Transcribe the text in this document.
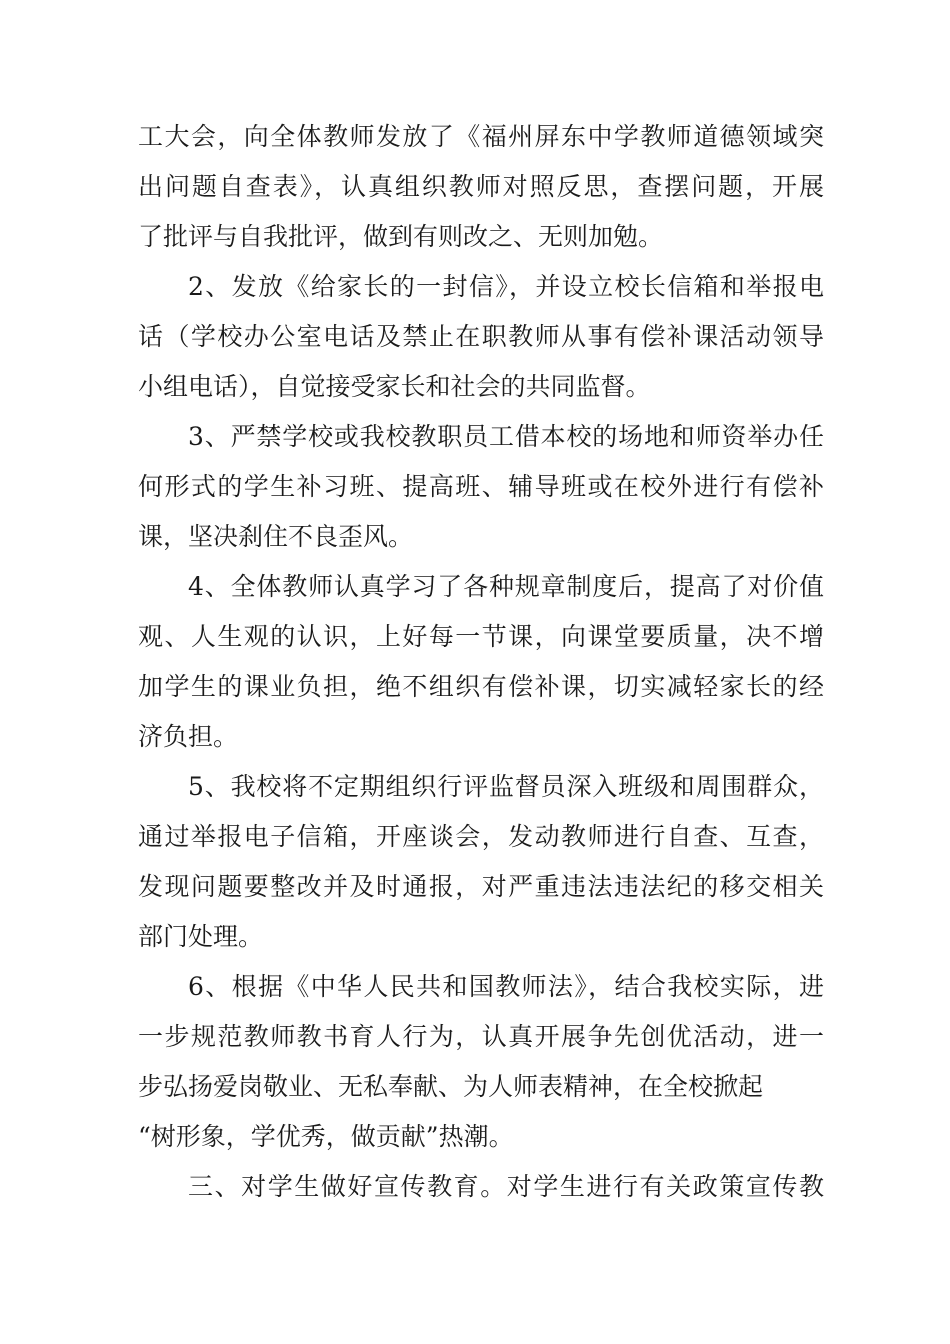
工大会，向全体教师发放了《福州屏东中学教师道德领域突
出问题自查表》，认真组织教师对照反思，查摆问题，开展
了批评与自我批评，做到有则改之、无则加勉。
2、发放《给家长的一封信》，并设立校长信箱和举报电
话（学校办公室电话及禁止在职教师从事有偿补课活动领导
小组电话），自觉接受家长和社会的共同监督。
3、严禁学校或我校教职员工借本校的场地和师资举办任
何形式的学生补习班、提高班、辅导班或在校外进行有偿补
课，坚决刹住不良歪风。
4、全体教师认真学习了各种规章制度后，提高了对价值
观、人生观的认识，上好每一节课，向课堂要质量，决不增
加学生的课业负担，绝不组织有偿补课，切实减轻家长的经
济负担。
5、我校将不定期组织行评监督员深入班级和周围群众，
通过举报电子信箱，开座谈会，发动教师进行自查、互查，
发现问题要整改并及时通报，对严重违法违法纪的移交相关
部门处理。
6、根据《中华人民共和国教师法》，结合我校实际，进
一步规范教师教书育人行为，认真开展争先创优活动，进一
步弘扬爱岗敬业、无私奉献、为人师表精神，在全校掀起
“树形象，学优秀，做贡献”热潮。
三、对学生做好宣传教育。对学生进行有关政策宣传教
